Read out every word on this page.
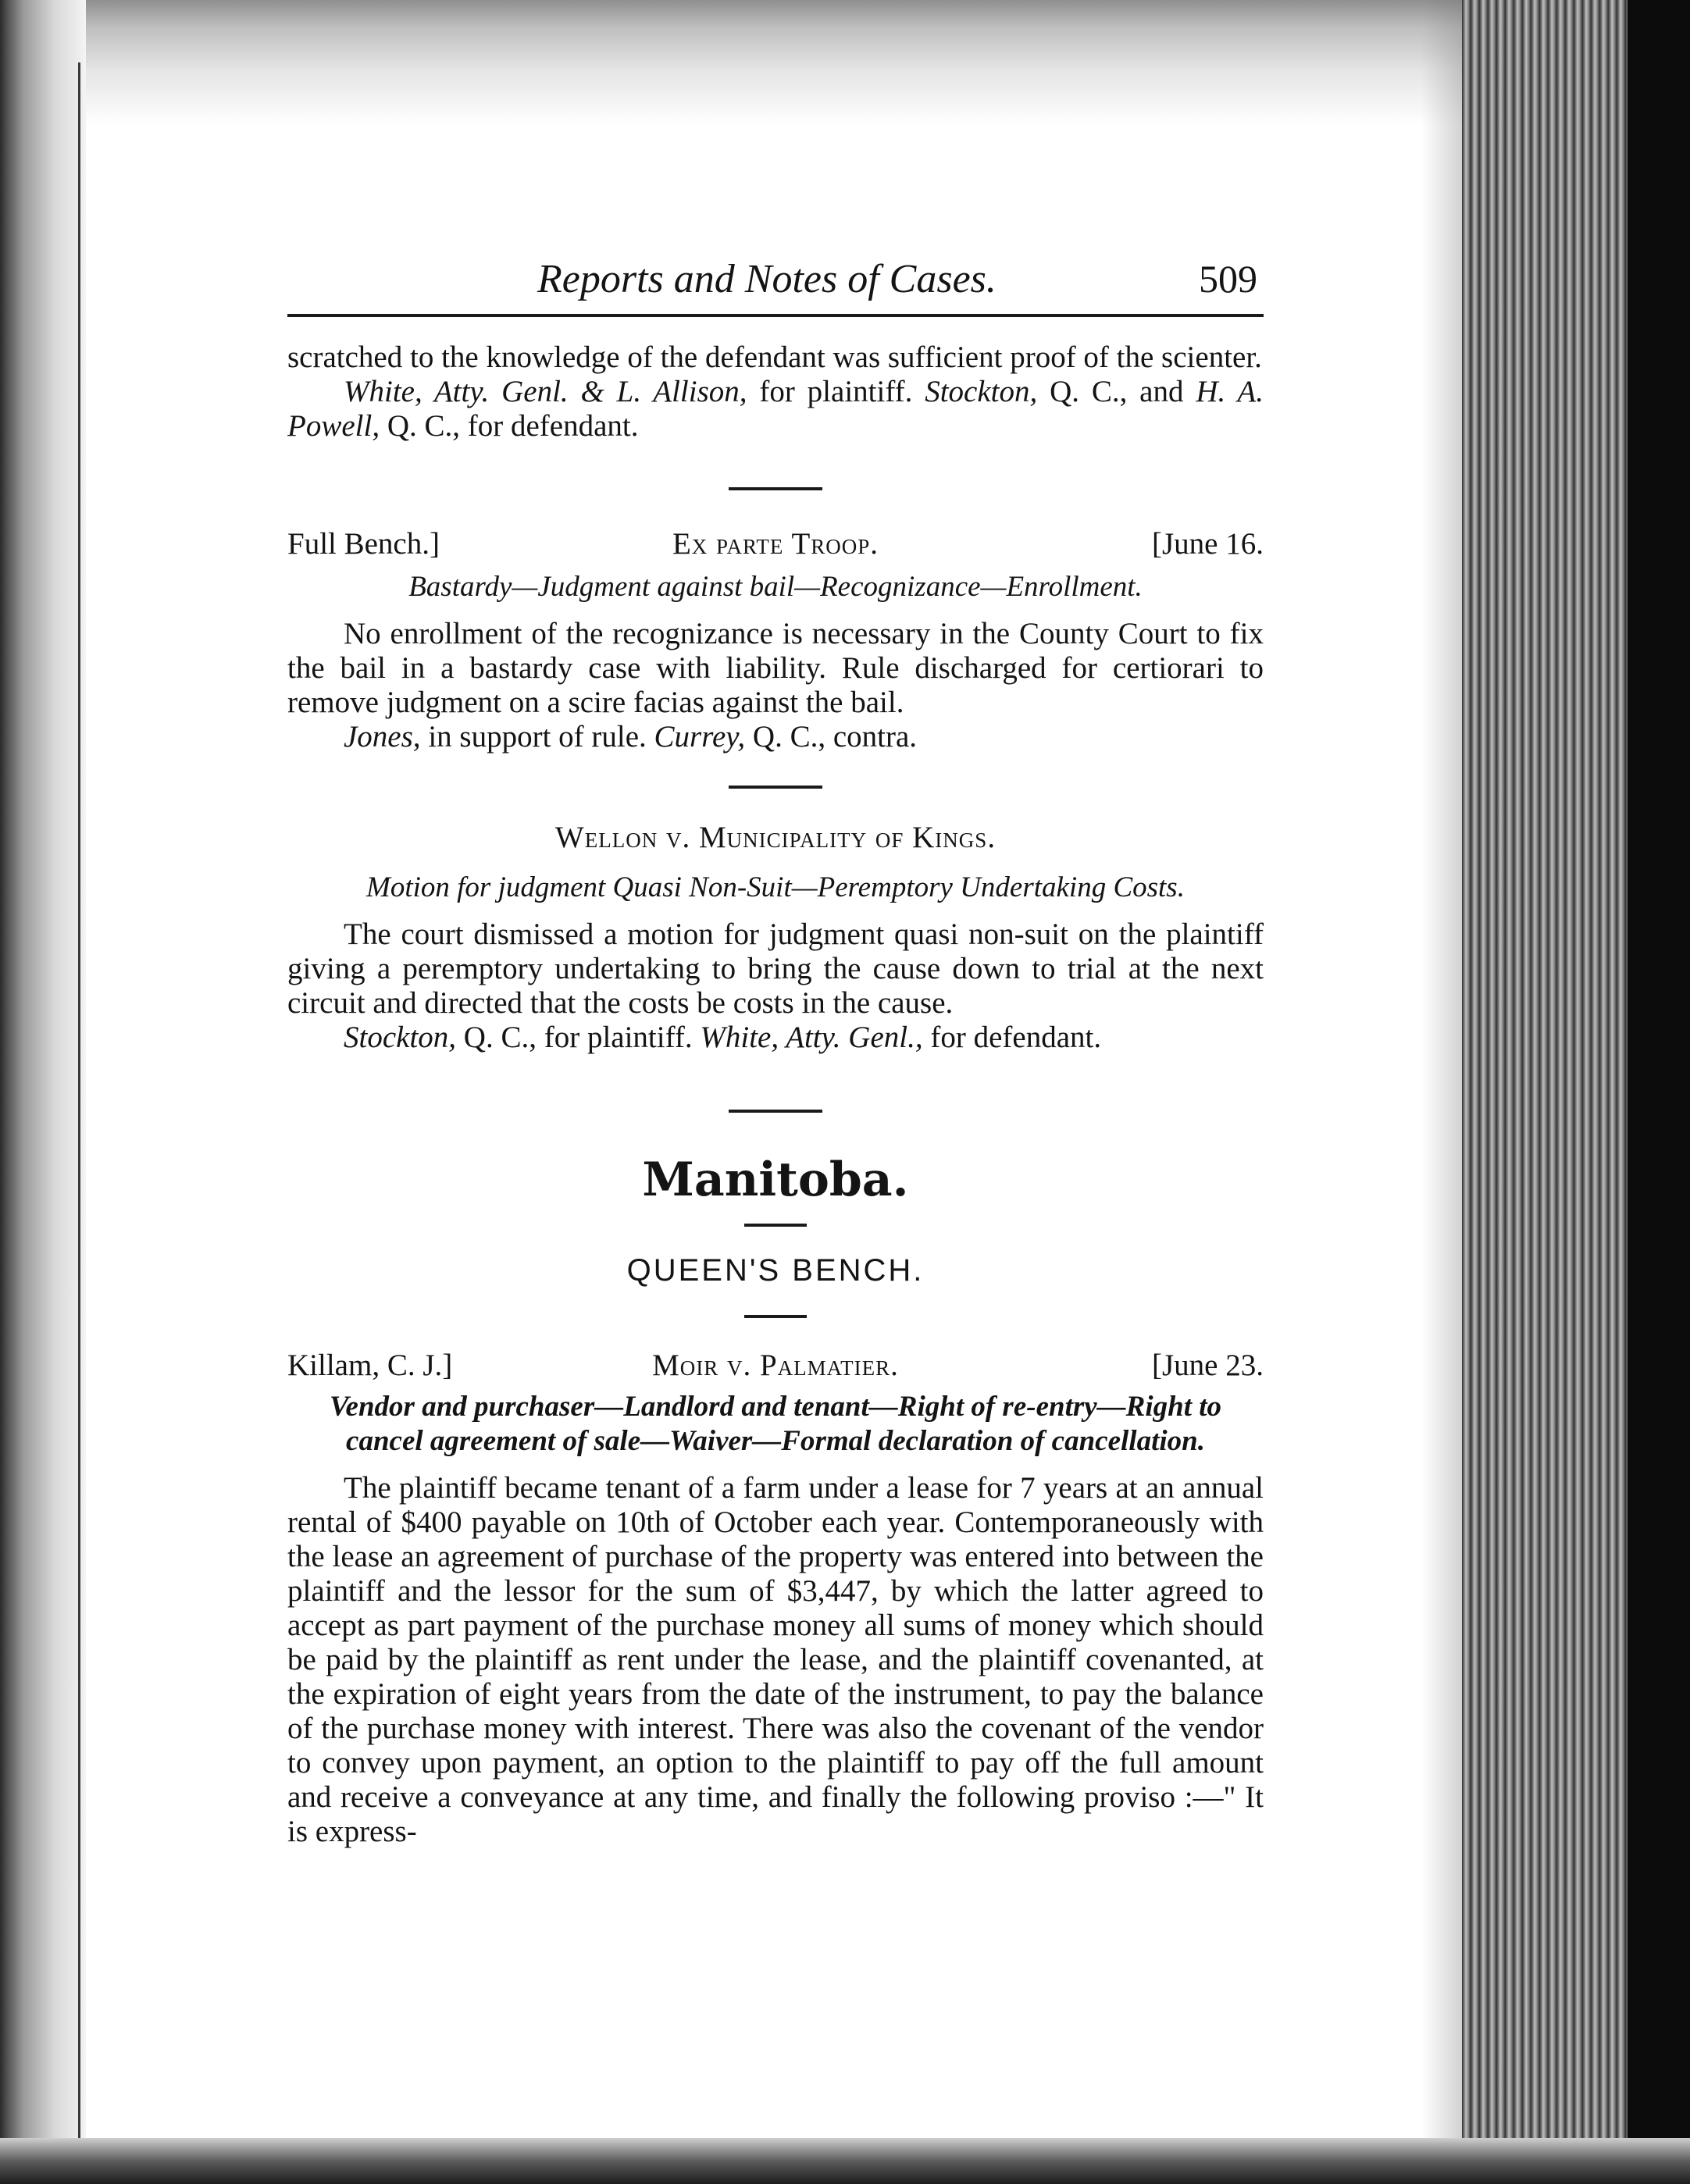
Reports and Notes of Cases.	509

scratched to the knowledge of the defendant was sufficient proof of the scienter.

White, Atty. Genl. & L. Allison, for plaintiff. Stockton, Q. C., and H. A. Powell, Q. C., for defendant.

Full Bench.]	Ex parte Troop.	[June 16.
Bastardy—Judgment against bail—Recognizance—Enrollment.

No enrollment of the recognizance is necessary in the County Court to fix the bail in a bastardy case with liability. Rule discharged for certiorari to remove judgment on a scire facias against the bail.

Jones, in support of rule. Currey, Q. C., contra.

Wellon v. Municipality of Kings.
Motion for judgment Quasi Non-Suit—Peremptory Undertaking Costs.

The court dismissed a motion for judgment quasi non-suit on the plaintiff giving a peremptory undertaking to bring the cause down to trial at the next circuit and directed that the costs be costs in the cause.

Stockton, Q. C., for plaintiff. White, Atty. Genl., for defendant.

Manitoba.
QUEEN'S BENCH.
Killam, C. J.]	Moir v. Palmatier.	[June 23.
Vendor and purchaser—Landlord and tenant—Right of re-entry—Right to
cancel agreement of sale—Waiver—Formal declaration of cancellation.

The plaintiff became tenant of a farm under a lease for 7 years at an annual rental of $400 payable on 10th of October each year. Contemporaneously with the lease an agreement of purchase of the property was entered into between the plaintiff and the lessor for the sum of $3,447, by which the latter agreed to accept as part payment of the purchase money all sums of money which should be paid by the plaintiff as rent under the lease, and the plaintiff covenanted, at the expiration of eight years from the date of the instrument, to pay the balance of the purchase money with interest. There was also the covenant of the vendor to convey upon payment, an option to the plaintiff to pay off the full amount and receive a conveyance at any time, and finally the following proviso :—" It is express-
